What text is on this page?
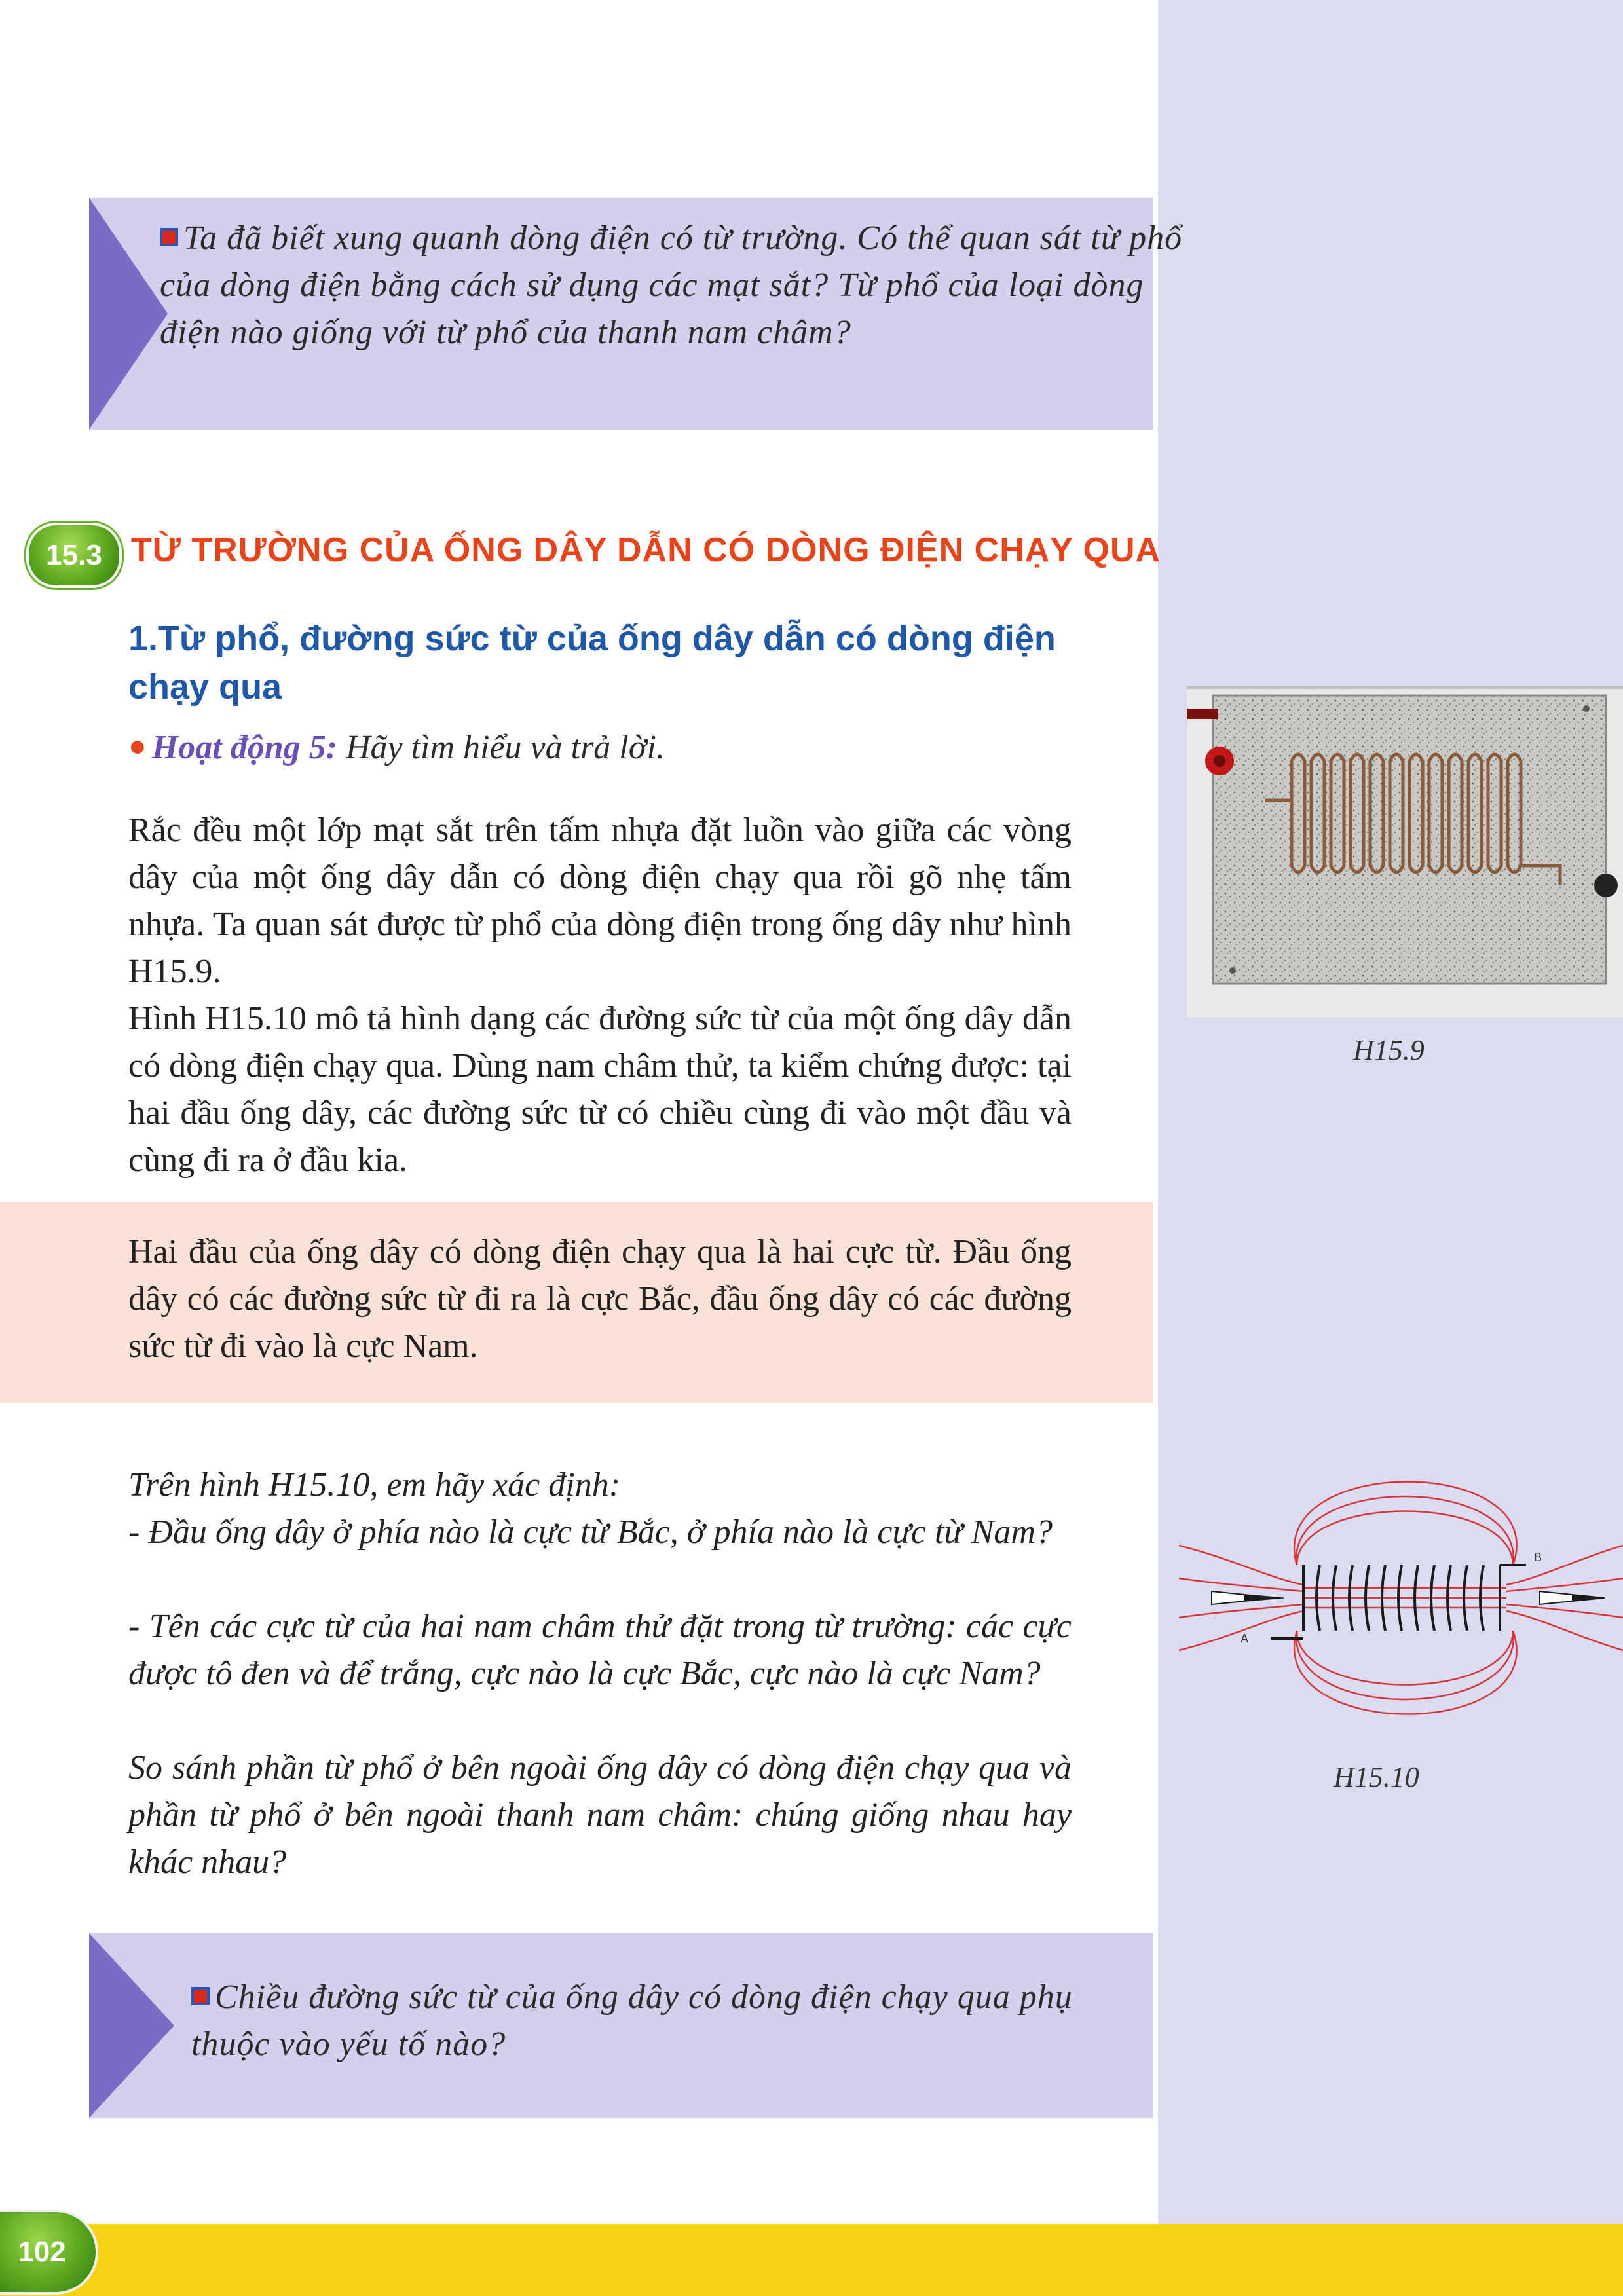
Ta đã biết xung quanh dòng điện có từ trường. Có thể quan sát từ phổ của dòng điện bằng cách sử dụng các mạt sắt? Từ phổ của loại dòng điện nào giống với từ phổ của thanh nam châm?
15.3 TỪ TRƯỜNG CỦA ỐNG DÂY DẪN CÓ DÒNG ĐIỆN CHẠY QUA
1.Từ phổ, đường sức từ của ống dây dẫn có dòng điện chạy qua
● Hoạt động 5: Hãy tìm hiểu và trả lời.
Rắc đều một lớp mạt sắt trên tấm nhựa đặt luồn vào giữa các vòng dây của một ống dây dẫn có dòng điện chạy qua rồi gõ nhẹ tấm nhựa. Ta quan sát được từ phổ của dòng điện trong ống dây như hình H15.9.
Hình H15.10 mô tả hình dạng các đường sức từ của một ống dây dẫn có dòng điện chạy qua. Dùng nam châm thử, ta kiểm chứng được: tại hai đầu ống dây, các đường sức từ có chiều cùng đi vào một đầu và cùng đi ra ở đầu kia.
Hai đầu của ống dây có dòng điện chạy qua là hai cực từ. Đầu ống dây có các đường sức từ đi ra là cực Bắc, đầu ống dây có các đường sức từ đi vào là cực Nam.
Trên hình H15.10, em hãy xác định:
- Đầu ống dây ở phía nào là cực từ Bắc, ở phía nào là cực từ Nam?
- Tên các cực từ của hai nam châm thử đặt trong từ trường: các cực được tô đen và để trắng, cực nào là cực Bắc, cực nào là cực Nam?
So sánh phần từ phổ ở bên ngoài ống dây có dòng điện chạy qua và phần từ phổ ở bên ngoài thanh nam châm: chúng giống nhau hay khác nhau?
Chiều đường sức từ của ống dây có dòng điện chạy qua phụ thuộc vào yếu tố nào?
H15.9
B
A
H15.10
102
